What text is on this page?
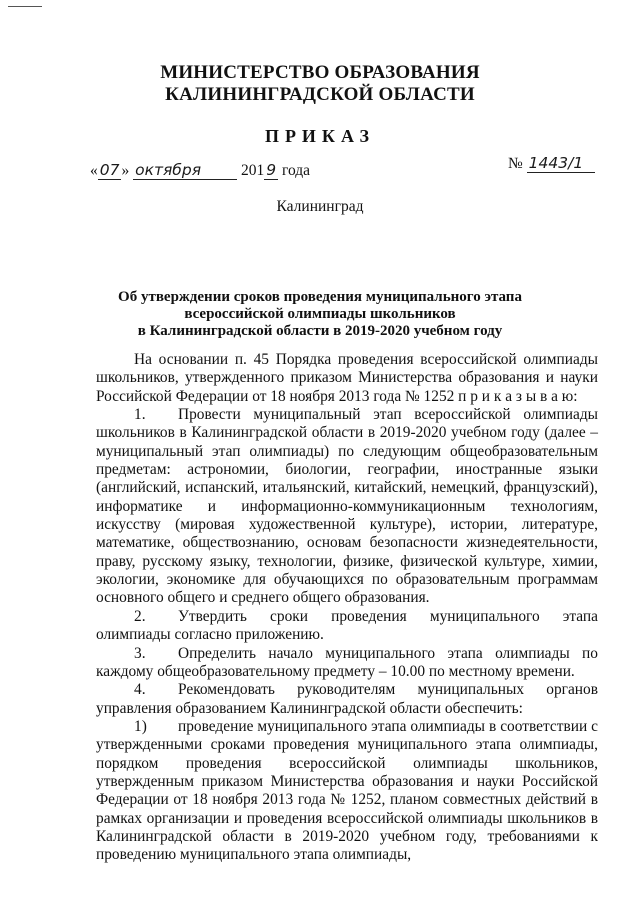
МИНИСТЕРСТВО ОБРАЗОВАНИЯ
КАЛИНИНГРАДСКОЙ ОБЛАСТИ
ПРИКАЗ
« 07 » октября	201 9 года	№ 1443/1
Калининград
Об утверждении сроков проведения муниципального этапа
всероссийской олимпиады школьников
в Калининградской области в 2019-2020 учебном году

На основании п. 45 Порядка проведения всероссийской олимпиады школьников, утвержденного приказом Министерства образования и науки Российской Федерации от 18 ноября 2013 года № 1252 п р и к а з ы в а ю:

1. Провести муниципальный этап всероссийской олимпиады школьников в Калининградской области в 2019-2020 учебном году (далее – муниципальный этап олимпиады) по следующим общеобразовательным предметам: астрономии, биологии, географии, иностранные языки (английский, испанский, итальянский, китайский, немецкий, французский), информатике и информационно-коммуникационным технологиям, искусству (мировая художественной культуре), истории, литературе, математике, обществознанию, основам безопасности жизнедеятельности, праву, русскому языку, технологии, физике, физической культуре, химии, экологии, экономике для обучающихся по образовательным программам основного общего и среднего общего образования.

2. Утвердить сроки проведения муниципального этапа олимпиады согласно приложению.

3. Определить начало муниципального этапа олимпиады по каждому общеобразовательному предмету – 10.00 по местному времени.

4. Рекомендовать руководителям муниципальных органов управления образованием Калининградской области обеспечить:

1) проведение муниципального этапа олимпиады в соответствии с утвержденными сроками проведения муниципального этапа олимпиады, порядком проведения всероссийской олимпиады школьников, утвержденным приказом Министерства образования и науки Российской Федерации от 18 ноября 2013 года № 1252, планом совместных действий в рамках организации и проведения всероссийской олимпиады школьников в Калининградской области в 2019-2020 учебном году, требованиями к проведению муниципального этапа олимпиады,
